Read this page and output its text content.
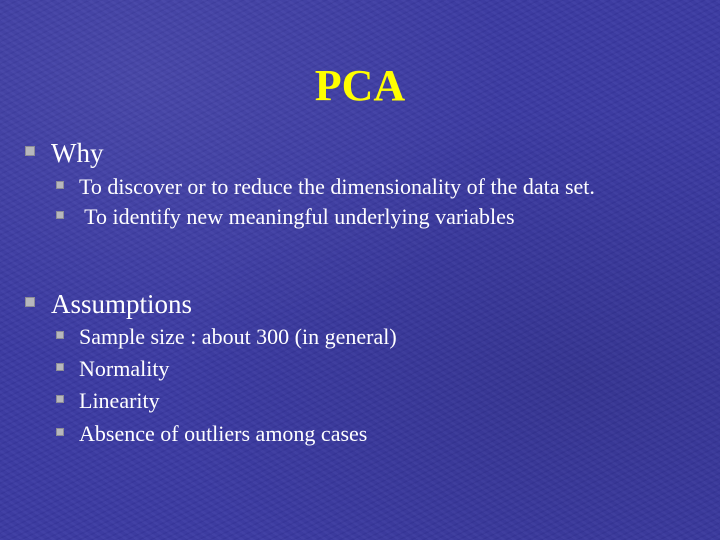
PCA
Why
To discover or to reduce the dimensionality of the data set.
To identify new meaningful underlying variables
Assumptions
Sample size : about 300 (in general)
Normality
Linearity
Absence of outliers among cases
